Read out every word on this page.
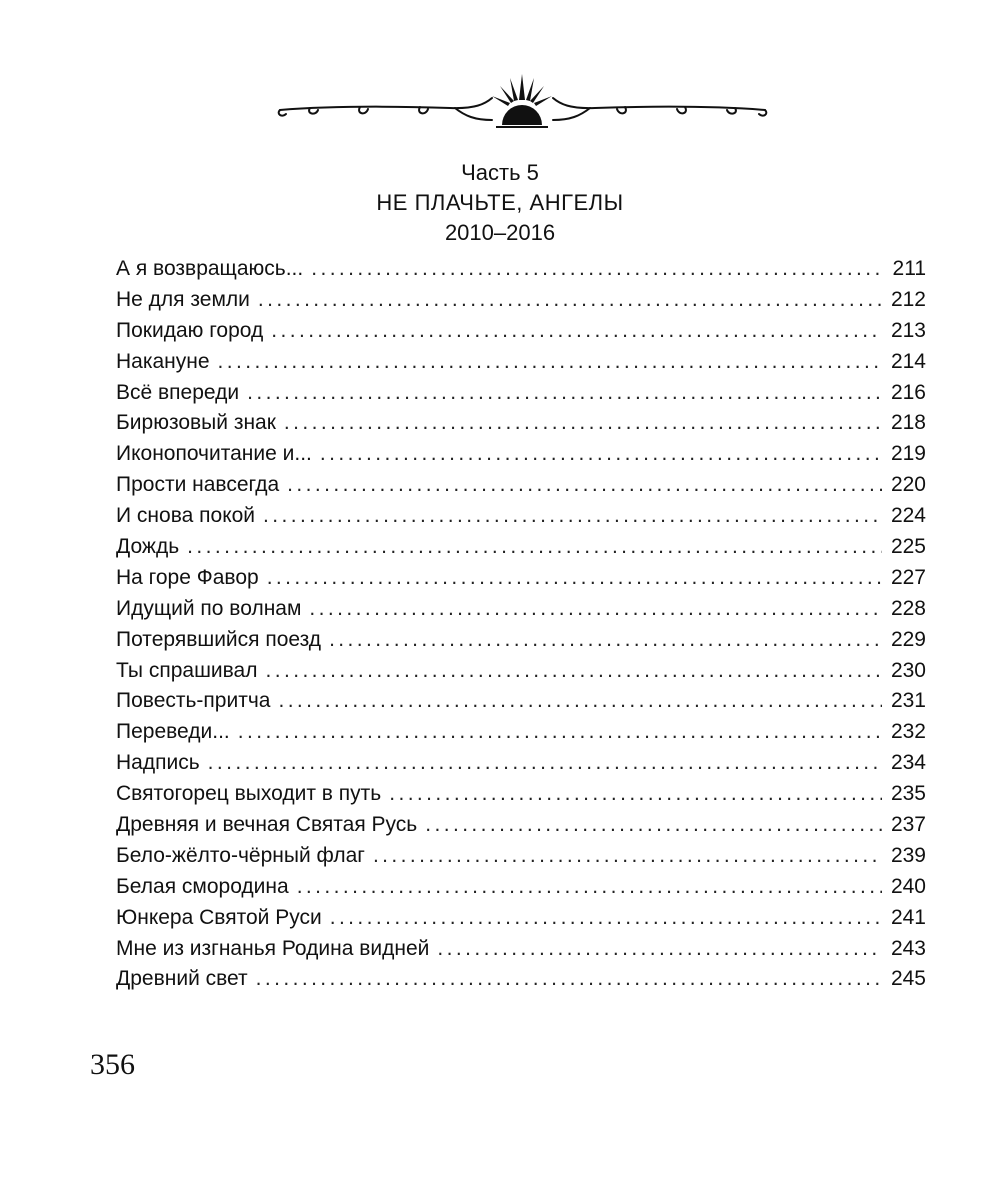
Часть 5
НЕ ПЛАЧЬТЕ, АНГЕЛЫ
2010–2016
А я возвращаюсь... .....	211
Не для земли .....	212
Покидаю город .....	213
Накануне .....	214
Всё впереди .....	216
Бирюзовый знак .....	218
Иконопочитание и... .....	219
Прости навсегда .....	220
И снова покой .....	224
Дождь .....	225
На горе Фавор .....	227
Идущий по волнам .....	228
Потерявшийся поезд .....	229
Ты спрашивал .....	230
Повесть-притча .....	231
Переведи... .....	232
Надпись .....	234
Святогорец выходит в путь .....	235
Древняя и вечная Святая Русь .....	237
Бело-жёлто-чёрный флаг .....	239
Белая смородина .....	240
Юнкера Святой Руси .....	241
Мне из изгнанья Родина видней .....	243
Древний свет .....	245
356
